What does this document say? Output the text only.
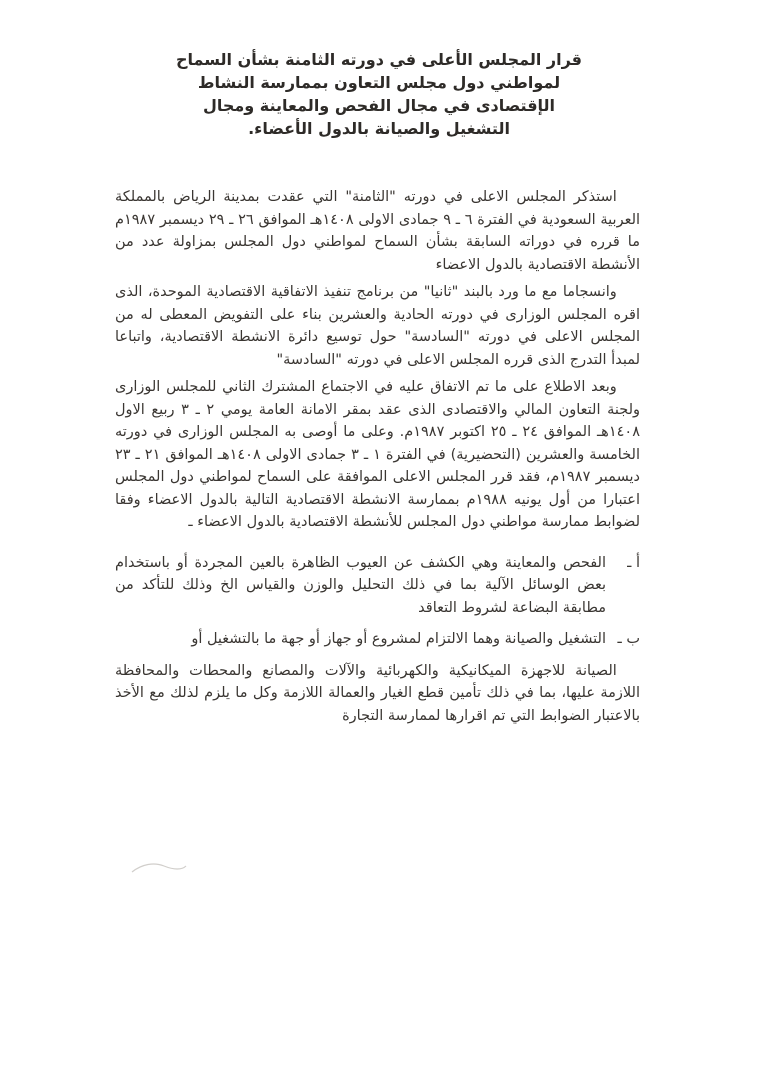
قرار المجلس الأعلى في دورته الثامنة بشأن السماح
لمواطني دول مجلس التعاون بممارسة النشاط
الإقتصادى في مجال الفحص والمعاينة ومجال
التشغيل والصيانة بالدول الأعضاء.

استذكر المجلس الاعلى في دورته "الثامنة" التي عقدت بمدينة الرياض بالمملكة العربية السعودية في الفترة ٦ ـ ٩ جمادى الاولى ١٤٠٨هـ الموافق ٢٦ ـ ٢٩ ديسمبر ١٩٨٧م ما قرره في دوراته السابقة بشأن السماح لمواطني دول المجلس بمزاولة عدد من الأنشطة الاقتصادية بالدول الاعضاء

وانسجاما مع ما ورد بالبند "ثانيا" من برنامج تنفيذ الاتفاقية الاقتصادية الموحدة، الذى اقره المجلس الوزارى في دورته الحادية والعشرين بناء على التفويض المعطى له من المجلس الاعلى في دورته "السادسة" حول توسيع دائرة الانشطة الاقتصادية، واتباعا لمبدأ التدرج الذى قرره المجلس الاعلى في دورته "السادسة"

وبعد الاطلاع على ما تم الاتفاق عليه في الاجتماع المشترك الثاني للمجلس الوزارى ولجنة التعاون المالي والاقتصادى الذى عقد بمقر الامانة العامة يومي ٢ ـ ٣ ربيع الاول ١٤٠٨هـ الموافق ٢٤ ـ ٢٥ اكتوبر ١٩٨٧م. وعلى ما أوصى به المجلس الوزارى في دورته الخامسة والعشرين (التحضيرية) في الفترة ١ ـ ٣ جمادى الاولى ١٤٠٨هـ الموافق ٢١ ـ ٢٣ ديسمبر ١٩٨٧م، فقد قرر المجلس الاعلى الموافقة على السماح لمواطني دول المجلس اعتبارا من أول يونيه ١٩٨٨م بممارسة الانشطة الاقتصادية التالية بالدول الاعضاء وفقا لضوابط ممارسة مواطني دول المجلس للأنشطة الاقتصادية بالدول الاعضاء ـ

أ ـ
الفحص والمعاينة وهي الكشف عن العيوب الظاهرة بالعين المجردة أو باستخدام بعض الوسائل الآلية بما في ذلك التحليل والوزن والقياس الخ وذلك للتأكد من مطابقة البضاعة لشروط التعاقد
ب ـ
التشغيل والصيانة وهما الالتزام لمشروع أو جهاز أو جهة ما بالتشغيل أو

الصيانة للاجهزة الميكانيكية والكهربائية والآلات والمصانع والمحطات والمحافظة اللازمة عليها، بما في ذلك تأمين قطع الغيار والعمالة اللازمة وكل ما يلزم لذلك مع الأخذ بالاعتبار الضوابط التي تم اقرارها لممارسة التجارة
